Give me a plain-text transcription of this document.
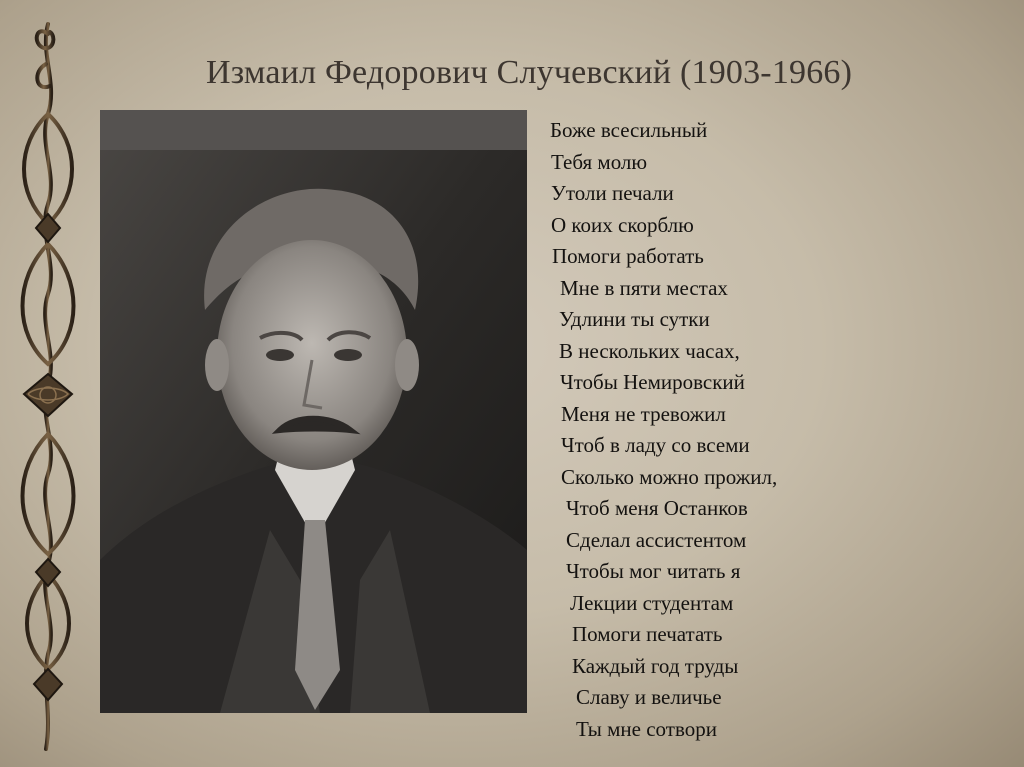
Измаил Федорович Случевский (1903-1966)
Боже всесильный
Тебя молю
Утоли печали
О коих скорблю
Помоги работать
Мне в пяти местах
Удлини ты сутки
В нескольких часах,
Чтобы Немировский
Меня не тревожил
Чтоб в ладу со всеми
Сколько можно прожил,
Чтоб меня Останков
Сделал ассистентом
Чтобы мог читать я
Лекции студентам
Помоги печатать
Каждый год труды
Славу и величье
Ты мне сотвори
